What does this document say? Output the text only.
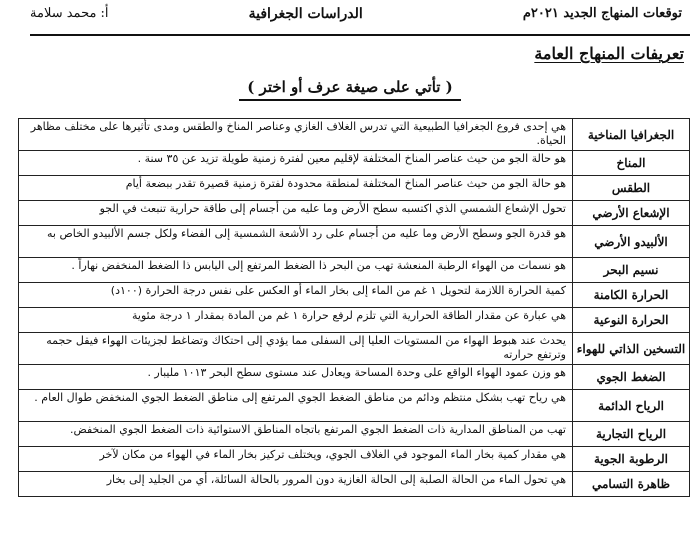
توقعات المنهاج الجديد ٢٠٢١م
الدراسات الجغرافية
أ: محمد سلامة
تعريفات المنهاج العامة
( تأتي على صيغة عرف أو اختر )
الجغرافيا المناخية
هي إحدى فروع الجغرافيا الطبيعية التي تدرس الغلاف الغازي وعناصر المناخ والطقس ومدى تأثيرها على مختلف مظاهر الحياة.
المناخ
هو حالة الجو من حيث عناصر المناخ المختلفة لإقليم معين لفترة زمنية طويلة تزيد عن ٣٥ سنة .
الطقس
هو حالة الجو من حيث عناصر المناخ المختلفة لمنطقة محدودة لفترة زمنية قصيرة تقدر ببضعة أيام
الإشعاع الأرضي
تحول الإشعاع الشمسي الذي اكتسبه سطح الأرض وما عليه من أجسام إلى طاقة حرارية تنبعث في الجو
الألبيدو الأرضي
هو قدرة الجو وسطح الأرض وما عليه من أجسام على رد الأشعة الشمسية إلى الفضاء ولكل جسم الألبيدو الخاص به
نسيم البحر
هو نسمات من الهواء الرطبة المنعشة تهب من البحر ذا الضغط المرتفع إلى اليابس ذا الضغط المنخفض نهاراً .
الحرارة الكامنة
كمية الحرارة اللازمة لتحويل ١ غم من الماء إلى بخار الماء أو العكس على نفس درجة الحرارة (١٠٠د)
الحرارة النوعية
هي عبارة عن مقدار الطاقة الحرارية التي تلزم لرفع حرارة ١ غم من المادة بمقدار ١ درجة مئوية
التسخين الذاتي للهواء
يحدث عند هبوط الهواء من المستويات العليا إلى السفلى مما يؤدي إلى احتكاك وتضاغط لجزيئات الهواء فيقل حجمه وترتفع حرارته
الضغط الجوي
هو وزن عمود الهواء الواقع على وحدة المساحة ويعادل عند مستوى سطح البحر ١٠١٣ مليبار .
الرياح الدائمة
هي رياح تهب بشكل منتظم ودائم من مناطق الضغط الجوي المرتفع إلى مناطق الضغط الجوي المنخفض طوال العام .
الرياح التجارية
تهب من المناطق المدارية ذات الضغط الجوي المرتفع باتجاه المناطق الاستوائية ذات الضغط الجوي المنخفض.
الرطوبة الجوية
هي مقدار كمية بخار الماء الموجود في الغلاف الجوي، ويختلف تركيز بخار الماء في الهواء من مكان لآخر
ظاهرة التسامي
هي تحول الماء من الحالة الصلبة إلى الحالة الغازية دون المرور بالحالة السائلة، أي من الجليد إلى بخار
